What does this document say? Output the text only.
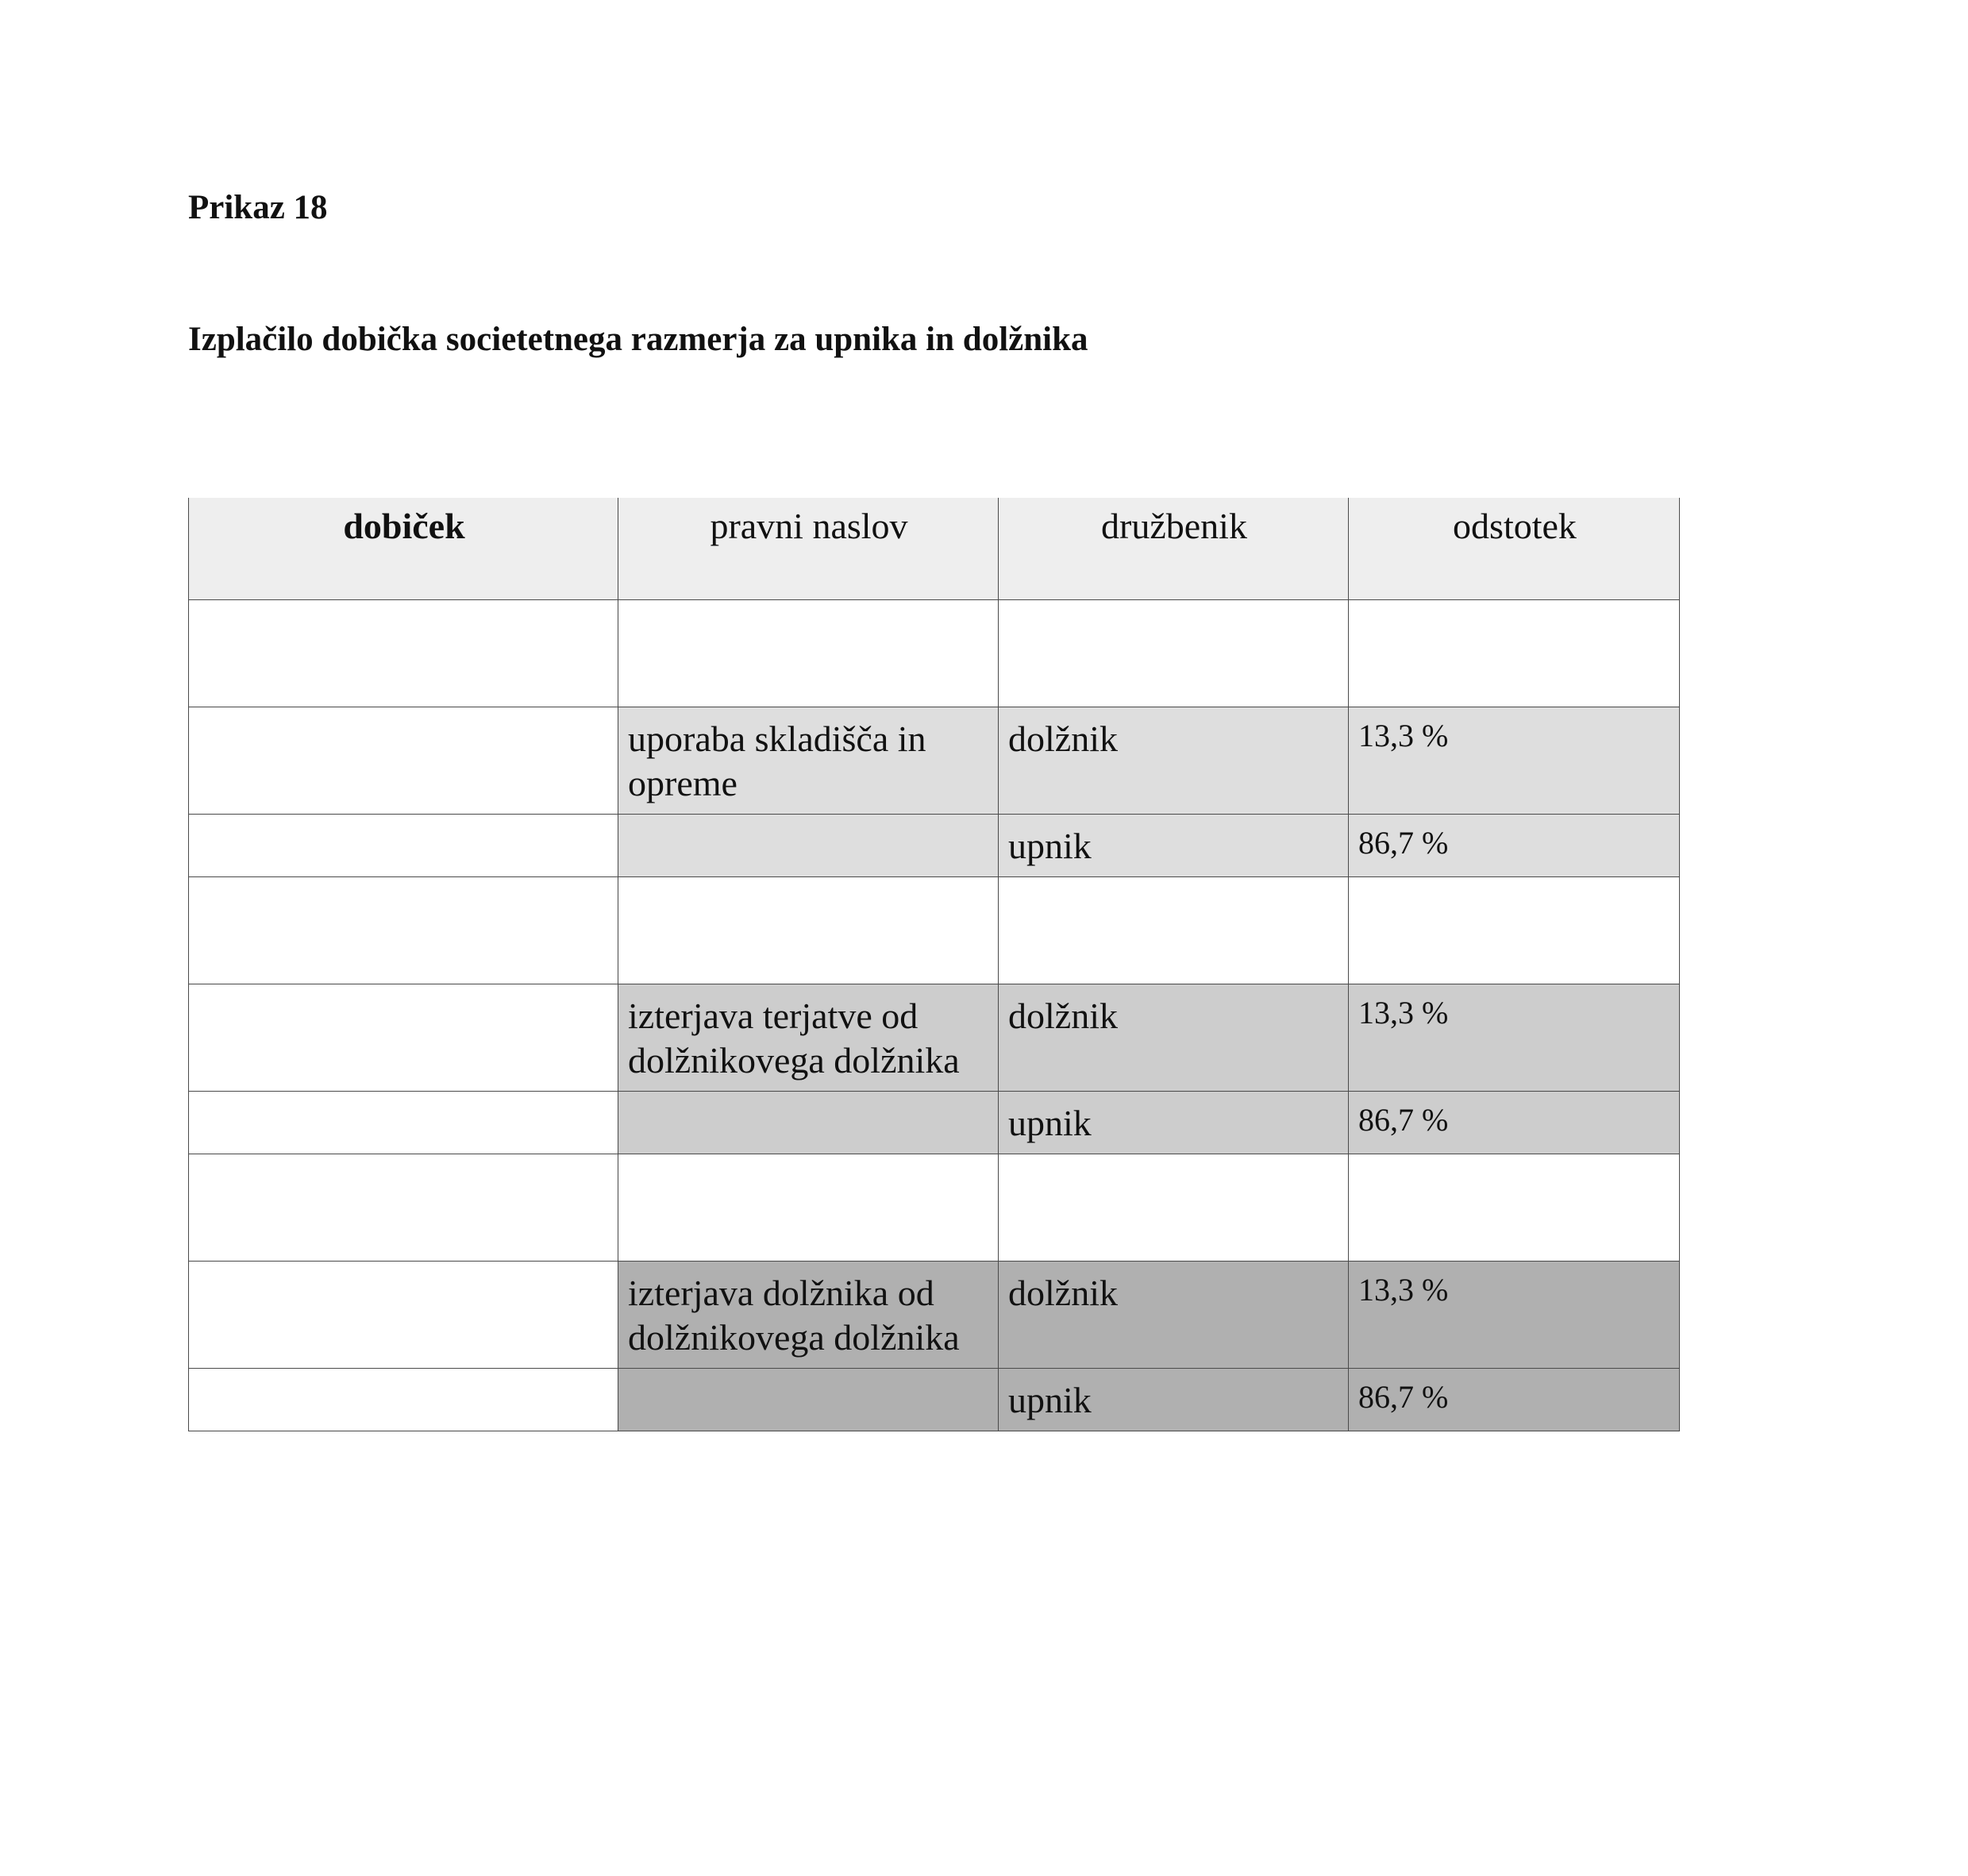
Prikaz 18
Izplačilo dobička societetnega razmerja za upnika in dolžnika
dobiček	pravni naslov	družbenik	odstotek

	uporaba skladišča in opreme	dolžnik	13,3 %
		upnik	86,7 %

	izterjava terjatve od dolžnikovega dolžnika	dolžnik	13,3 %
		upnik	86,7 %

	izterjava dolžnika od dolžnikovega dolžnika	dolžnik	13,3 %
		upnik	86,7 %
